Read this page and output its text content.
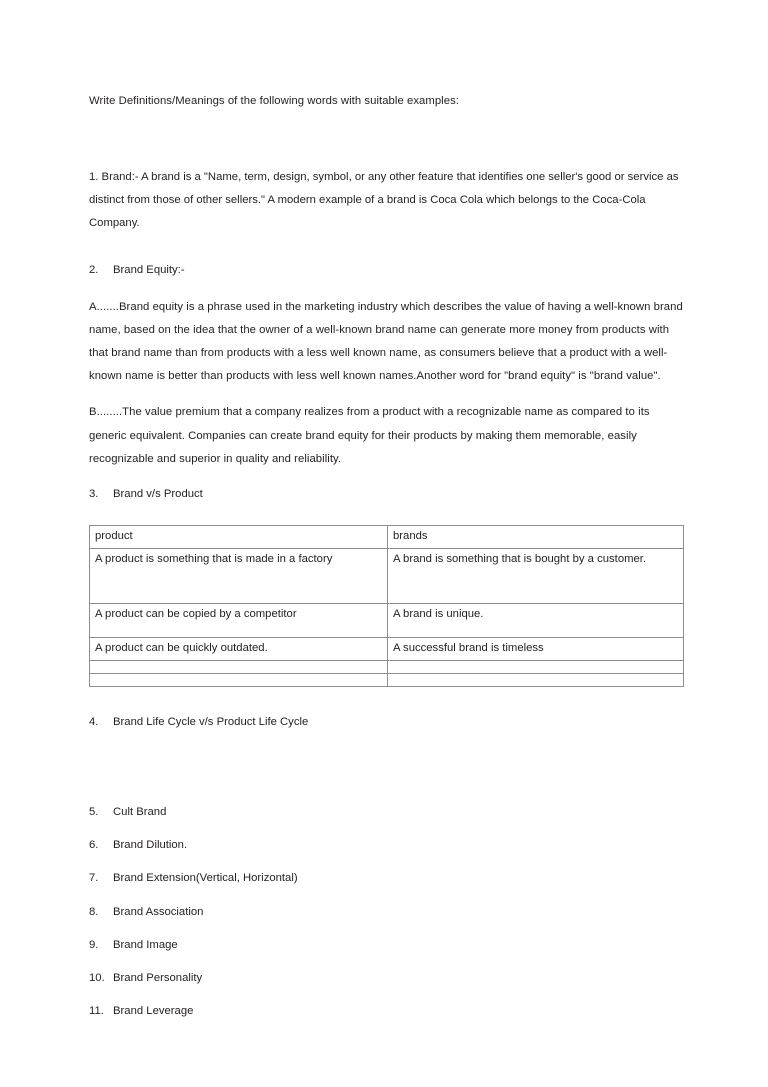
Write Definitions/Meanings of the following words with suitable examples:

1. Brand:- A brand is a "Name, term, design, symbol, or any other feature that identifies one seller's good or service as distinct from those of other sellers." A modern example of a brand is Coca Cola which belongs to the Coca-Cola Company.

2.	Brand Equity:-

A.......Brand equity is a phrase used in the marketing industry which describes the value of having a well-known brand name, based on the idea that the owner of a well-known brand name can generate more money from products with that brand name than from products with a less well known name, as consumers believe that a product with a well-known name is better than products with less well known names.Another word for "brand equity" is "brand value".

B........The value premium that a company realizes from a product with a recognizable name as compared to its generic equivalent. Companies can create brand equity for their products by making them memorable, easily recognizable and superior in quality and reliability.

3.	Brand v/s Product
product	brands
A product is something that is made in a factory	A brand is something that is bought by a customer.
A product can be copied by a competitor	A brand is unique.
A product can be quickly outdated.	A successful brand is timeless

4.	Brand Life Cycle v/s Product Life Cycle
5.	Cult Brand
6.	Brand Dilution.
7.	Brand Extension(Vertical, Horizontal)
8.	Brand Association
9.	Brand Image
10. Brand Personality
11. Brand Leverage
